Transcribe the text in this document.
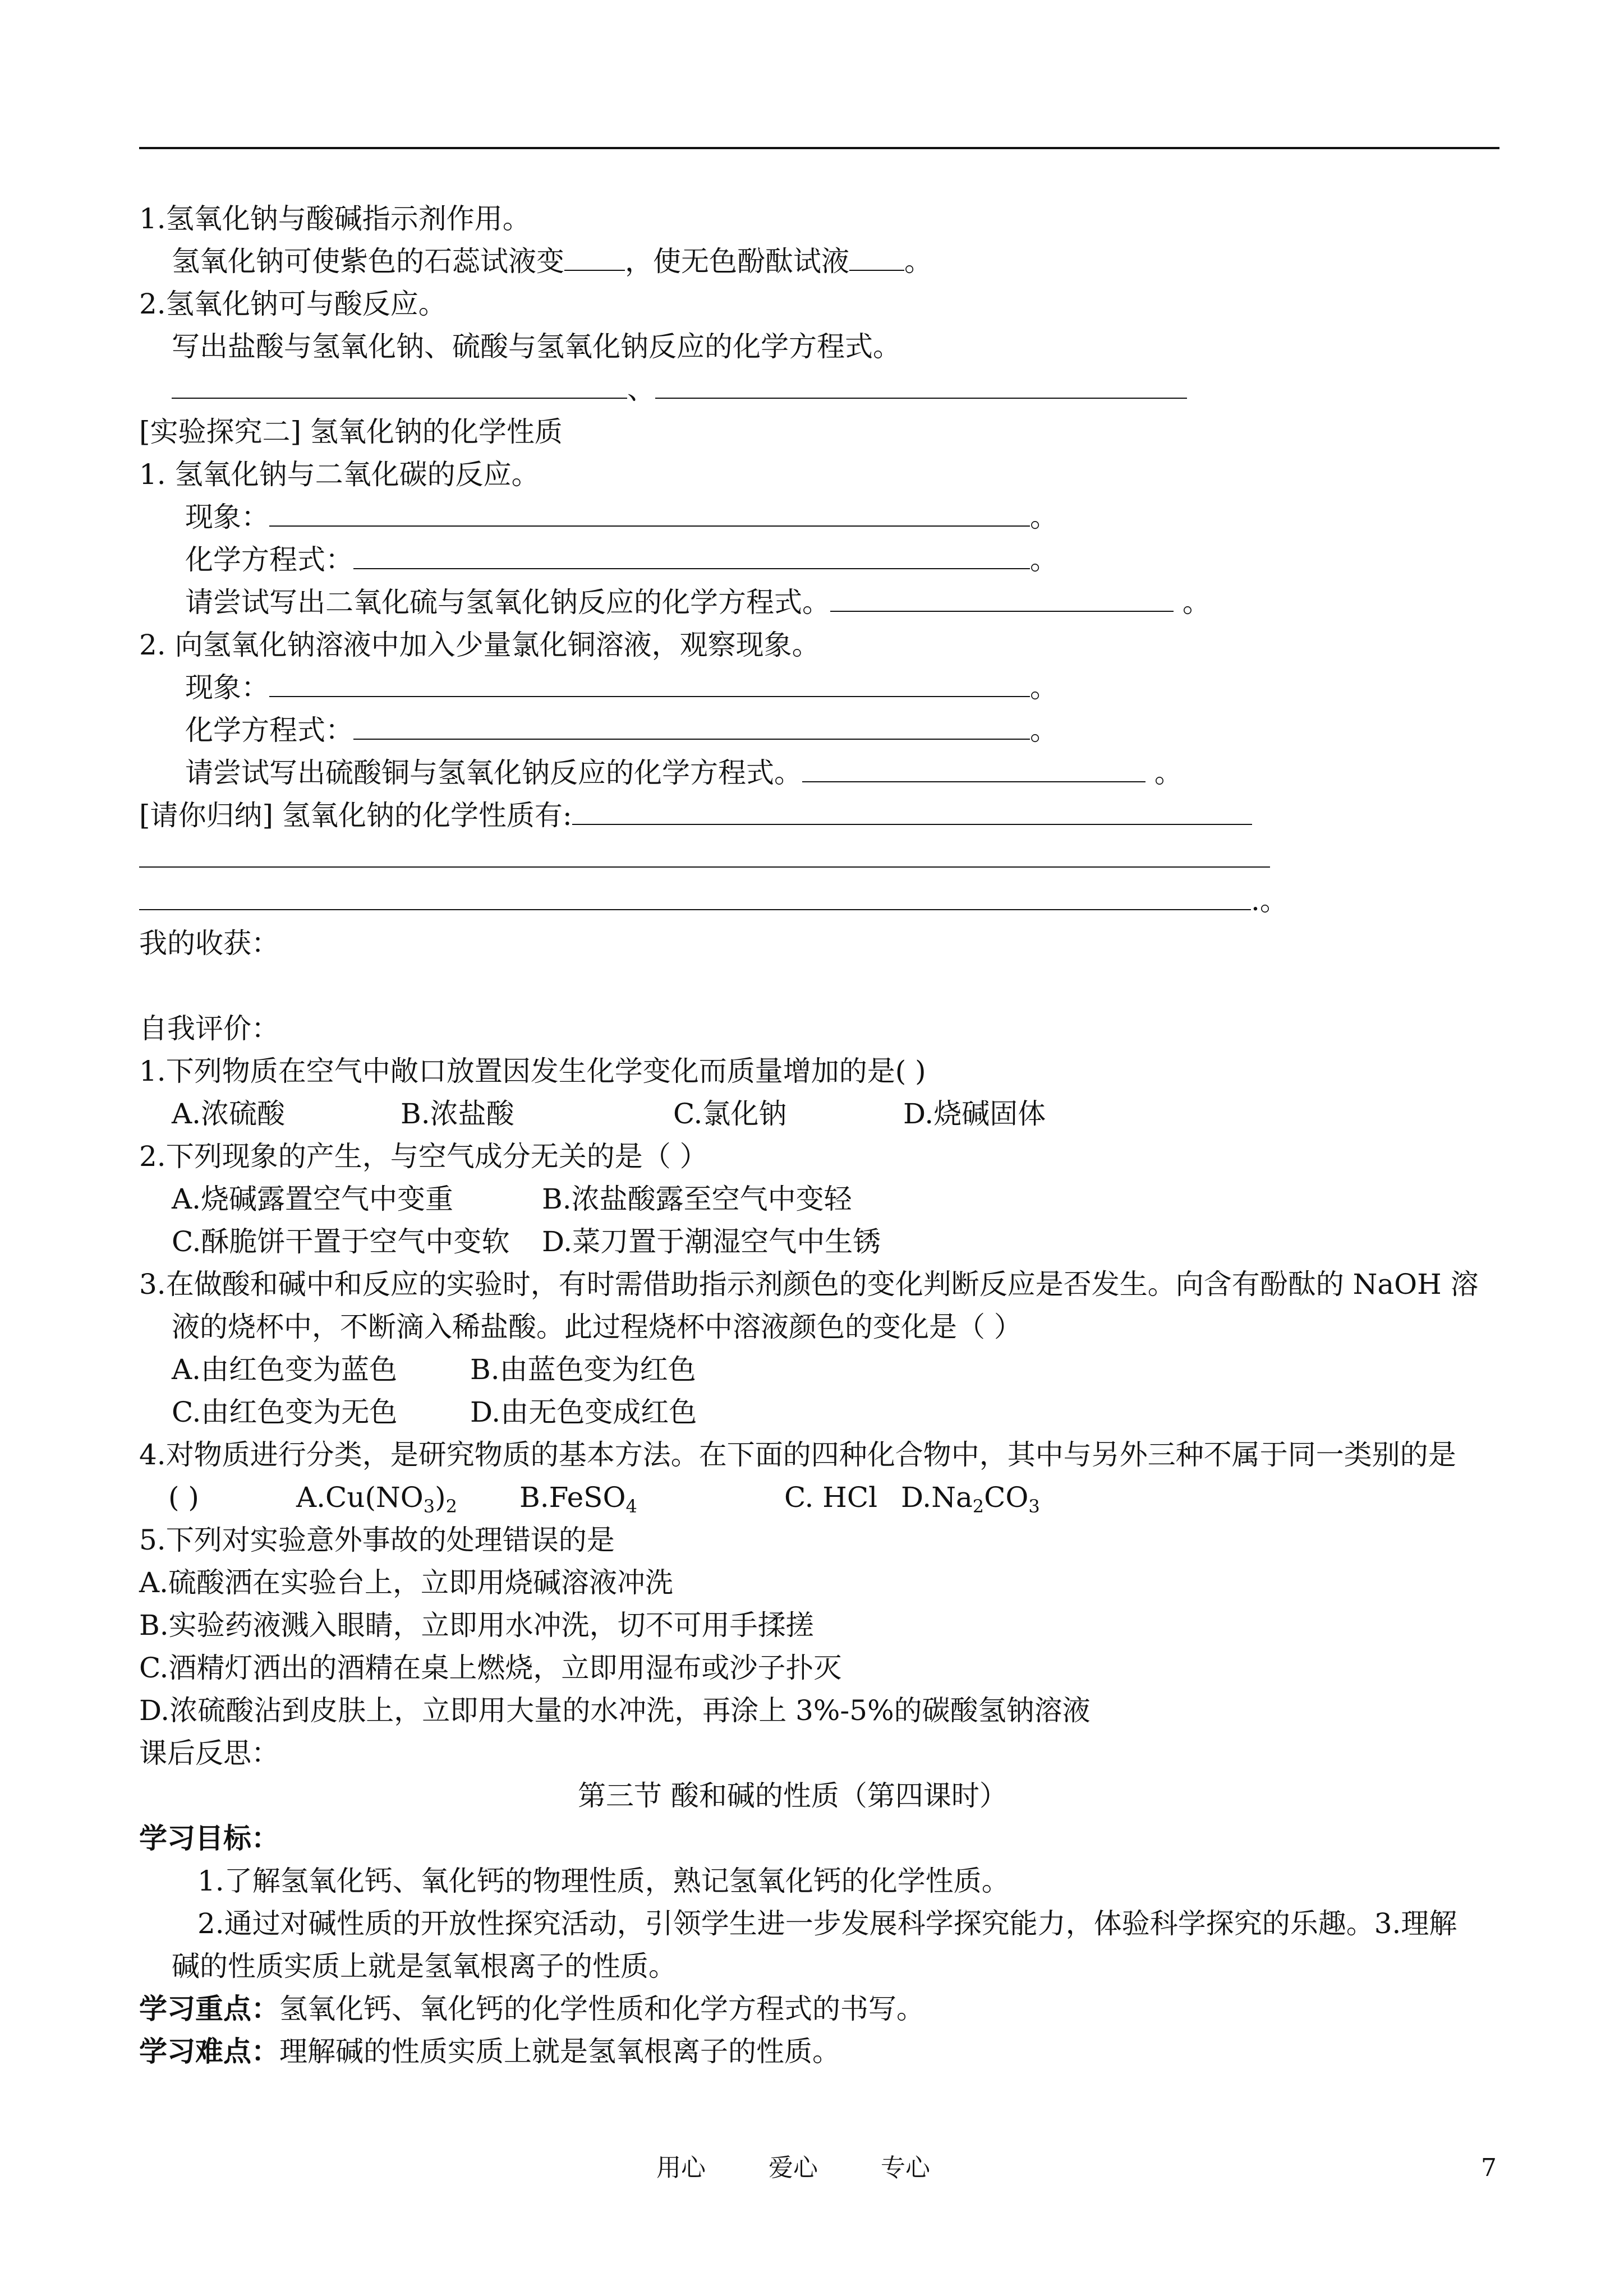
1.氢氧化钠与酸碱指示剂作用。
氢氧化钠可使紫色的石蕊试液变 ，使无色酚酞试液 。
2.氢氧化钠可与酸反应。
写出盐酸与氢氧化钠、硫酸与氢氧化钠反应的化学方程式。
、
[实验探究二] 氢氧化钠的化学性质
1. 氢氧化钠与二氧化碳的反应。
现象：	。
化学方程式：	。
请尝试写出二氧化硫与氢氧化钠反应的化学方程式。	。
2. 向氢氧化钠溶液中加入少量氯化铜溶液，观察现象。
现象：	。
化学方程式：	。
请尝试写出硫酸铜与氢氧化钠反应的化学方程式。	。
[请你归纳] 氢氧化钠的化学性质有:
.。
我的收获：
自我评价：
1.下列物质在空气中敞口放置因发生化学变化而质量增加的是( )
A.浓硫酸	B.浓盐酸	C.氯化钠	D.烧碱固体
2.下列现象的产生，与空气成分无关的是（ ）
A.烧碱露置空气中变重	B.浓盐酸露至空气中变轻
C.酥脆饼干置于空气中变软 D.菜刀置于潮湿空气中生锈
3.在做酸和碱中和反应的实验时，有时需借助指示剂颜色的变化判断反应是否发生。向含有酚酞的 NaOH 溶
液的烧杯中，不断滴入稀盐酸。此过程烧杯中溶液颜色的变化是（ ）
A.由红色变为蓝色	B.由蓝色变为红色
C.由红色变为无色	D.由无色变成红色
4.对物质进行分类，是研究物质的基本方法。在下面的四种化合物中，其中与另外三种不属于同一类别的是
( )	$A.Cu(NO_3)_2$ B.FeSO$_4$	C. HCl $D.Na_2CO_3$
5.下列对实验意外事故的处理错误的是
A.硫酸洒在实验台上，立即用烧碱溶液冲洗
B.实验药液溅入眼睛，立即用水冲洗，切不可用手揉搓
C.酒精灯洒出的酒精在桌上燃烧，立即用湿布或沙子扑灭
D.浓硫酸沾到皮肤上，立即用大量的水冲洗，再涂上 3%-5%的碳酸氢钠溶液
课后反思：
第三节 酸和碱的性质（第四课时）
学习目标：
1.了解氢氧化钙、氧化钙的物理性质，熟记氢氧化钙的化学性质。
2.通过对碱性质的开放性探究活动，引领学生进一步发展科学探究能力，体验科学探究的乐趣。3.理解
碱的性质实质上就是氢氧根离子的性质。
学习重点：氢氧化钙、氧化钙的化学性质和化学方程式的书写。
学习难点：理解碱的性质实质上就是氢氧根离子的性质。
用心	爱心	专心	7
